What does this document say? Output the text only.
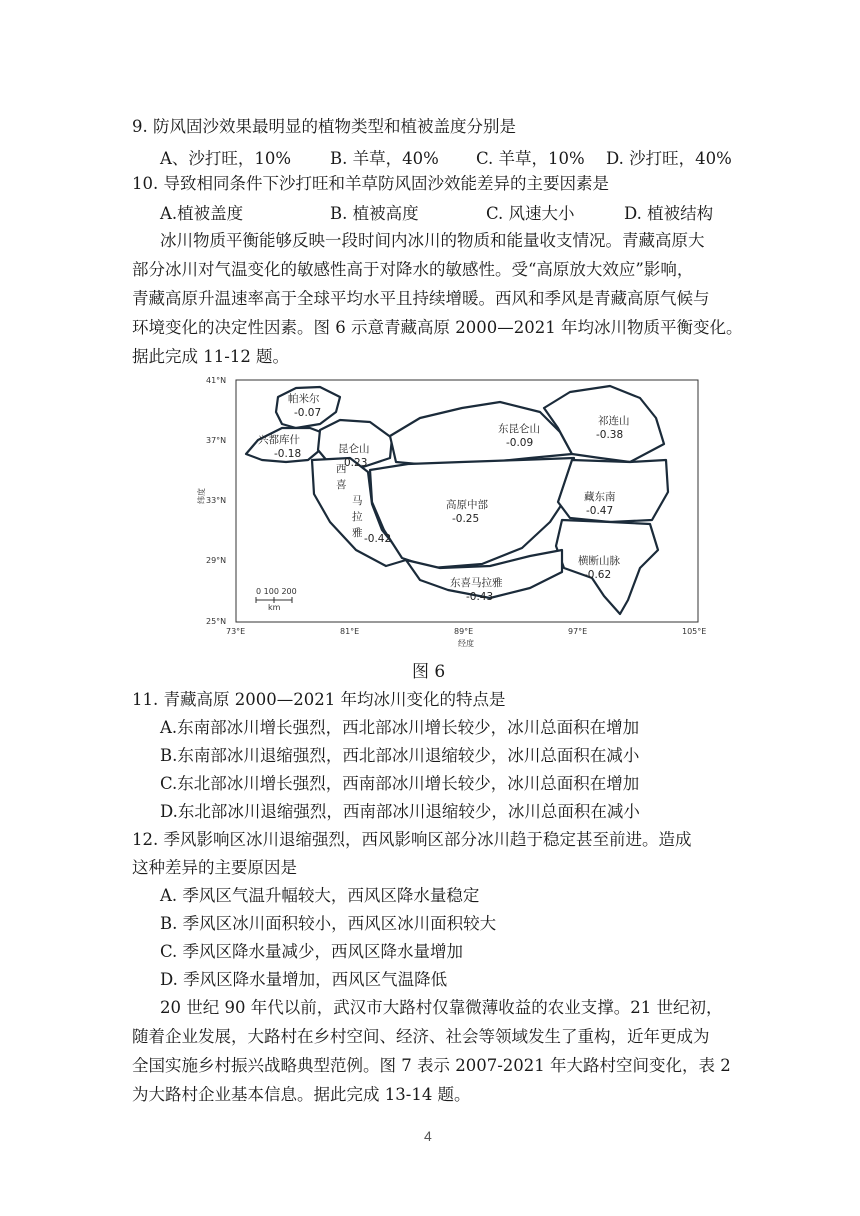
9. 防风固沙效果最明显的植物类型和植被盖度分别是
A、沙打旺，10% B. 羊草，40% C. 羊草，10% D. 沙打旺，40%
10. 导致相同条件下沙打旺和羊草防风固沙效能差异的主要因素是
A.植被盖度	B. 植被高度	C. 风速大小	D. 植被结构
冰川物质平衡能够反映一段时间内冰川的物质和能量收支情况。青藏高原大
部分冰川对气温变化的敏感性高于对降水的敏感性。受“高原放大效应”影响，
青藏高原升温速率高于全球平均水平且持续增暖。西风和季风是青藏高原气候与
环境变化的决定性因素。图 6 示意青藏高原 2000—2021 年均冰川物质平衡变化。
据此完成 11-12 题。
41°N
37°N
33°N
29°N
25°N
纬度
73°E	81°E	89°E	97°E	105°E
经度
帕米尔
-0.07
兴都库什
-0.18	昆仑山
0.23
东昆仑山
-0.09
祁连山
-0.38
西喜马拉雅 -0.42
高原中部
-0.25
藏东南
-0.47
横断山脉
-0.62
东喜马拉雅
-0.43
0 100 200
km
图 6
11. 青藏高原 2000—2021 年均冰川变化的特点是
A.东南部冰川增长强烈，西北部冰川增长较少，冰川总面积在增加
B.东南部冰川退缩强烈，西北部冰川退缩较少，冰川总面积在减小
C.东北部冰川增长强烈，西南部冰川增长较少，冰川总面积在增加
D.东北部冰川退缩强烈，西南部冰川退缩较少，冰川总面积在减小
12. 季风影响区冰川退缩强烈，西风影响区部分冰川趋于稳定甚至前进。造成
这种差异的主要原因是
A. 季风区气温升幅较大，西风区降水量稳定
B. 季风区冰川面积较小，西风区冰川面积较大
C. 季风区降水量减少，西风区降水量增加
D. 季风区降水量增加，西风区气温降低
20 世纪 90 年代以前，武汉市大路村仅靠微薄收益的农业支撑。21 世纪初，
随着企业发展，大路村在乡村空间、经济、社会等领域发生了重构，近年更成为
全国实施乡村振兴战略典型范例。图 7 表示 2007-2021 年大路村空间变化，表 2
为大路村企业基本信息。据此完成 13-14 题。
4
